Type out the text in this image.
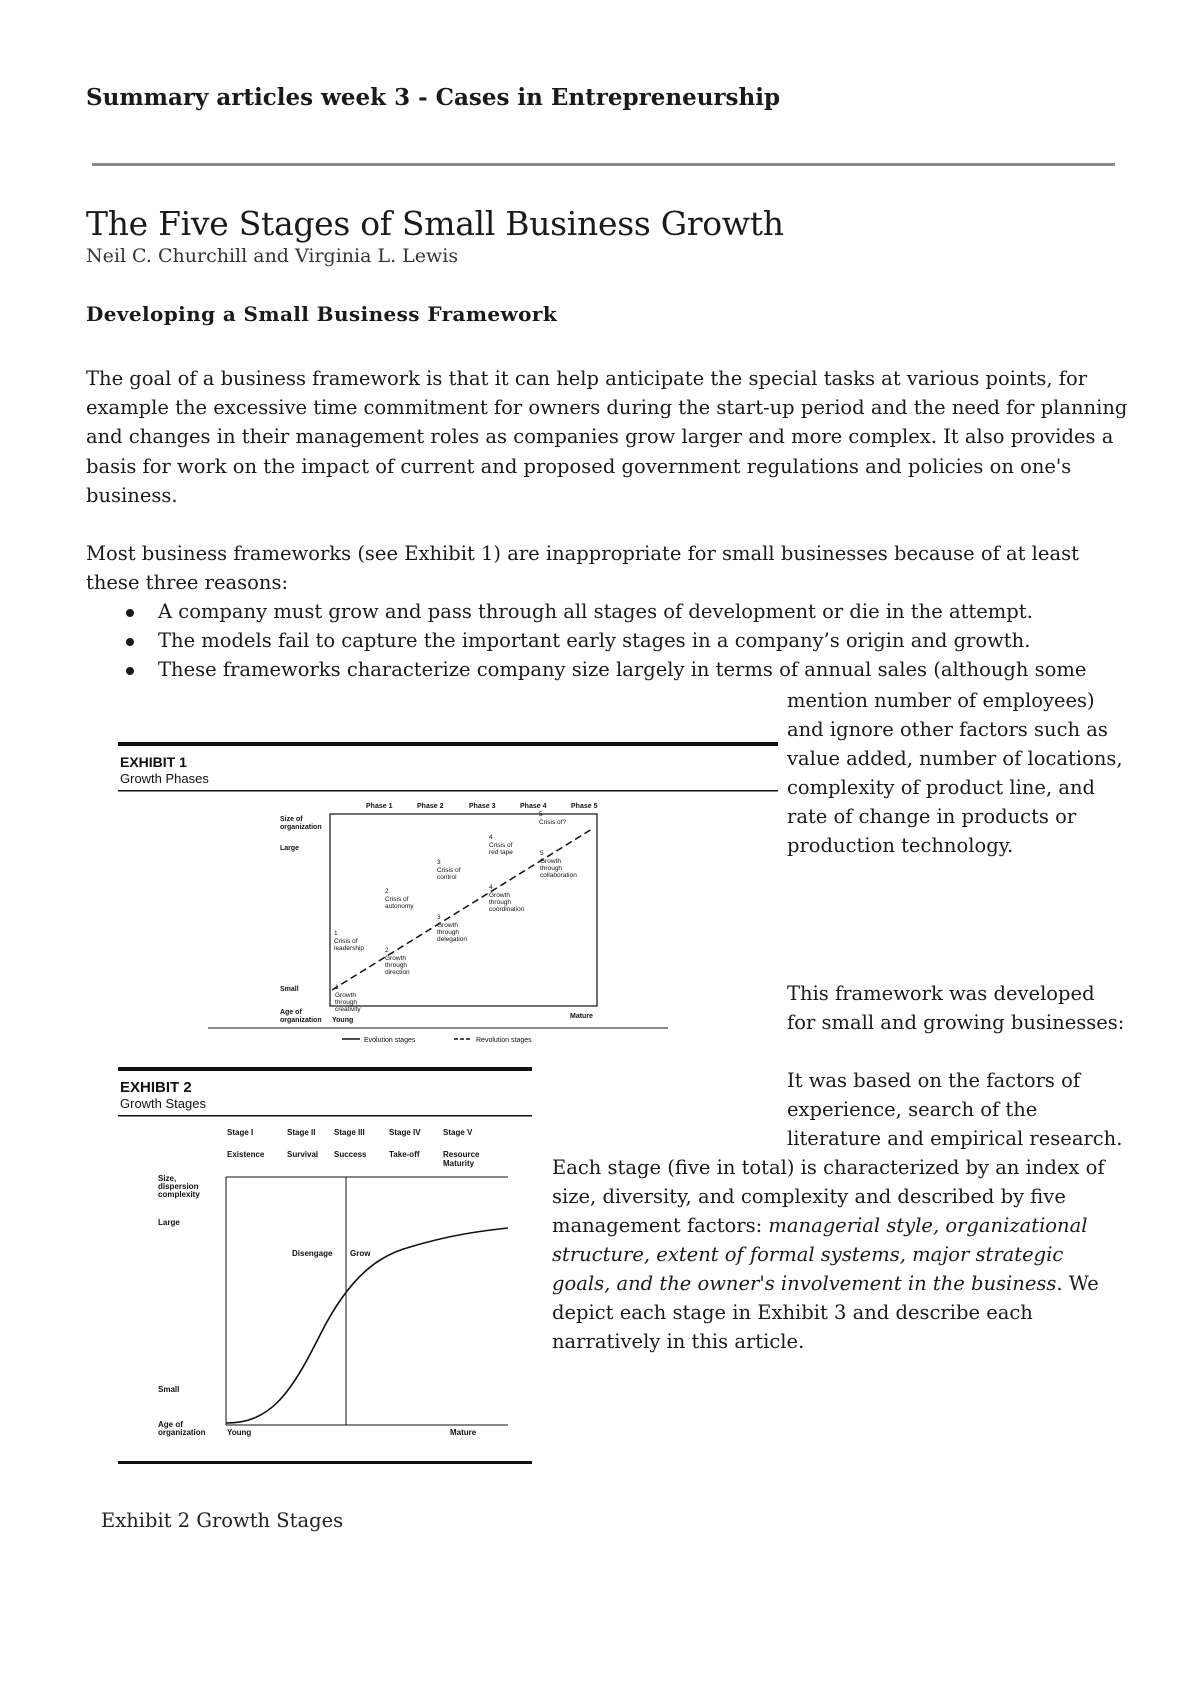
Summary articles week 3 - Cases in Entrepreneurship
The Five Stages of Small Business Growth
Neil C. Churchill and Virginia L. Lewis
Developing a Small Business Framework
The goal of a business framework is that it can help anticipate the special tasks at various points, for example the excessive time commitment for owners during the start-up period and the need for planning and changes in their management roles as companies grow larger and more complex. It also provides a basis for work on the impact of current and proposed government regulations and policies on one's business.
Most business frameworks (see Exhibit 1) are inappropriate for small businesses because of at least these three reasons:
A company must grow and pass through all stages of development or die in the attempt.
The models fail to capture the important early stages in a company’s origin and growth.
These frameworks characterize company size largely in terms of annual sales (although some
mention number of employees)
and ignore other factors such as
value added, number of locations,
complexity of product line, and
rate of change in products or
production technology.
This framework was developed
for small and growing businesses:
It was based on the factors of
experience, search of the
literature and empirical research.
Each stage (five in total) is characterized by an index of
size, diversity, and complexity and described by five
management factors: managerial style, organizational
structure, extent of formal systems, major strategic
goals, and the owner's involvement in the business. We
depict each stage in Exhibit 3 and describe each
narratively in this article.
EXHIBIT 1
Growth Phases
Phase 1	Phase 2	Phase 3	Phase 4	Phase 5
Size of
organization
Large
Small
Age of
organization Young
Mature
1
Crisis of
leadership
2
Crisis of
autonomy
3
Crisis of
control
4
Crisis of
red tape
5
Crisis of?
1
Growth
through
creativity
2
Growth
through
direction
3
Growth
through
delegation
4
Growth
through
coordination
5
Growth
through
collaboration
Evolution stages	Revolution stages
EXHIBIT 2
Growth Stages
Stage I	Stage II Stage III	Stage IV	Stage V
Existence	Survival Success	Take-off	Resource
Maturity
Size,
dispersion
complexity
Large
Small
Age of
organization	Young	Mature
Disengage Grow
Exhibit 2 Growth Stages
